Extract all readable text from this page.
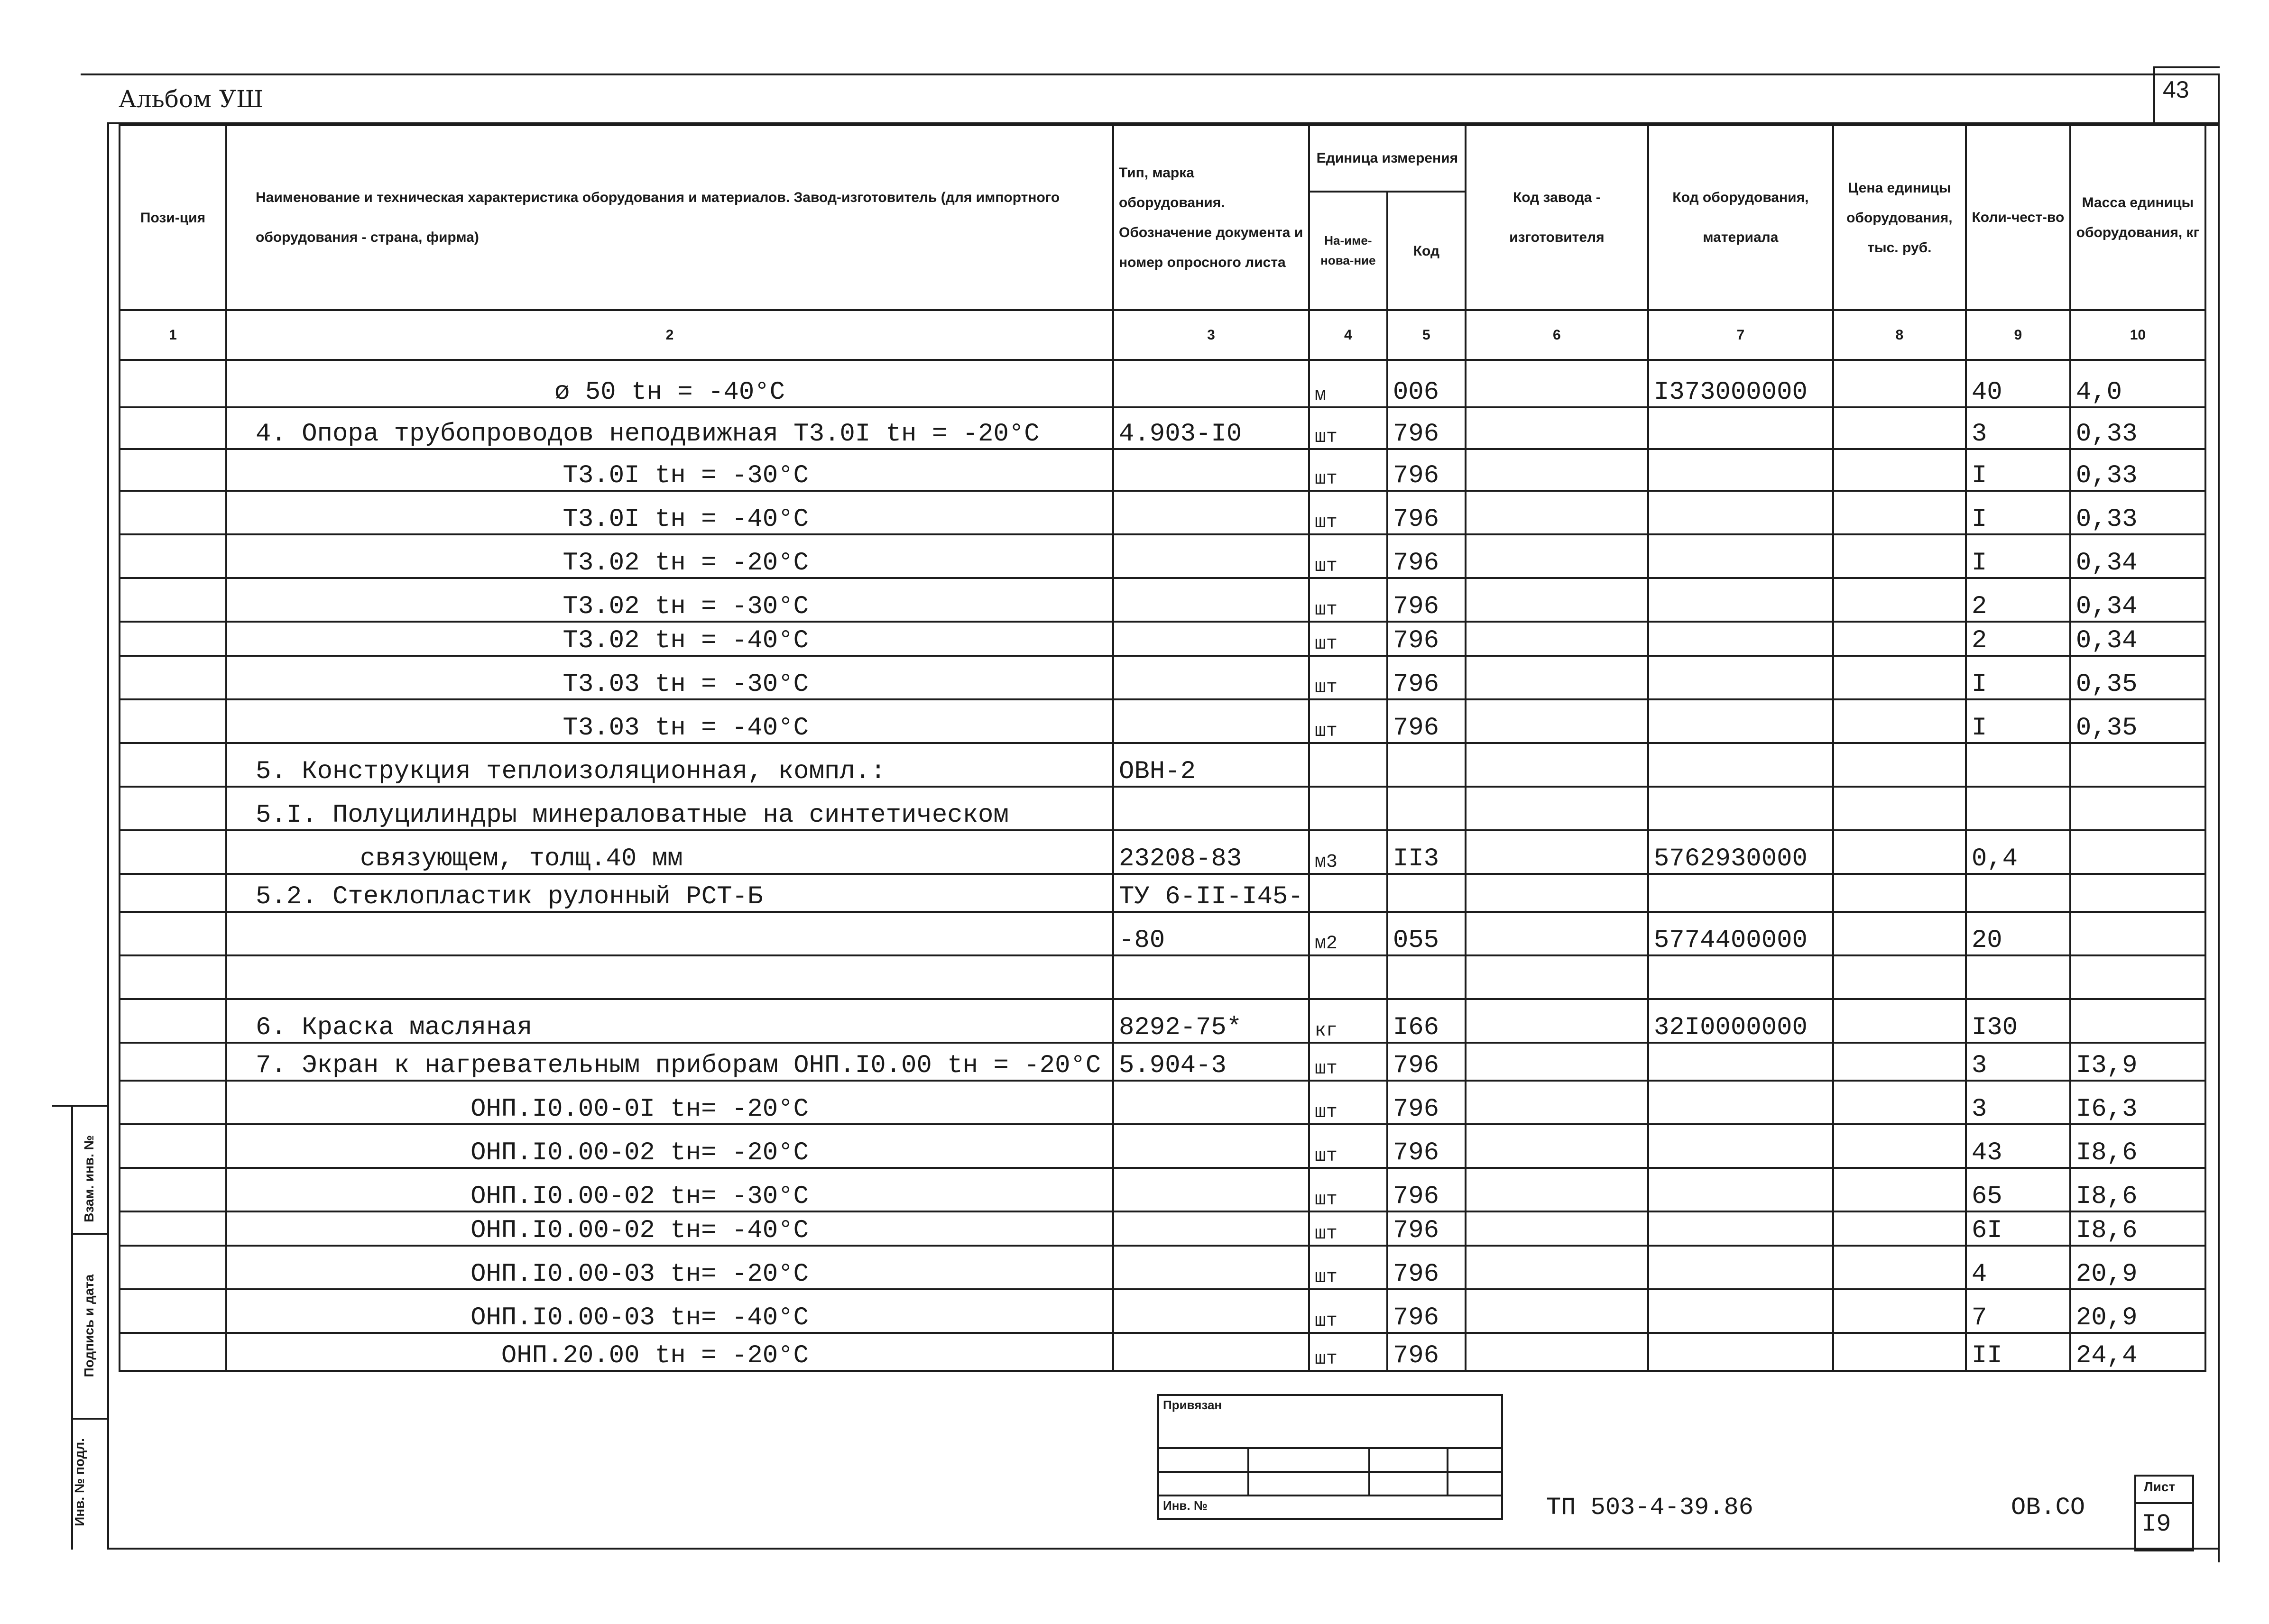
Альбом УШ	43
Пози-ция	Наименование и техническая характеристика оборудования и материалов. Завод-изготовитель (для импортного оборудования - страна, фирма)	Тип, марка оборудования. Обозначение документа и номер опросного листа	Единица измерения		Код завода - изготовителя	Код оборудования, материала	Цена единицы оборудования, тыс. руб.	Коли-чест-во	Масса единицы оборудования, кг
			На-име-нова-ние	Код					
1	2	3	4	5	6	7	8	9	10
	ø 50 tн = -40°C		м	006		I373000000		40	4,0
	4. Опора трубопроводов неподвижная Т3.0I tн = -20°C	4.903-I0	шт	796				3	0,33
	Т3.0I tн = -30°C		шт	796				I	0,33
	Т3.0I tн = -40°C		шт	796				I	0,33
	Т3.02 tн = -20°C		шт	796				I	0,34
	Т3.02 tн = -30°C		шт	796				2	0,34
	Т3.02 tн = -40°C		шт	796				2	0,34
	Т3.03 tн = -30°C		шт	796				I	0,35
	Т3.03 tн = -40°C		шт	796				I	0,35
	5. Конструкция теплоизоляционная, компл.:	ОВН-2							
	5.I. Полуцилиндры минераловатные на синтетическом								
	связующем, толщ.40 мм	23208-83	м3	II3		5762930000		0,4	
	5.2. Стеклопластик рулонный РСТ-Б	ТУ 6-II-I45-							
		-80	м2	055		5774400000		20	

	6. Краска масляная	8292-75*	кг	I66		32I0000000		I30	
	7. Экран к нагревательным приборам ОНП.I0.00 tн = -20°C	5.904-3	шт	796				3	I3,9
	ОНП.I0.00-0I tн= -20°C		шт	796				3	I6,3
	ОНП.I0.00-02 tн= -20°C		шт	796				43	I8,6
	ОНП.I0.00-02 tн= -30°C		шт	796				65	I8,6
	ОНП.I0.00-02 tн= -40°C		шт	796				6I	I8,6
	ОНП.I0.00-03 tн= -20°C		шт	796				4	20,9
	ОНП.I0.00-03 tн= -40°C		шт	796				7	20,9
	ОНП.20.00 tн = -20°C		шт	796				II	24,4
Взам. инв. №
Подпись и дата
Инв. № подл.
Привязан			

Инв. №				ТП 503-4-39.86	ОВ.СО
Лист
I9
